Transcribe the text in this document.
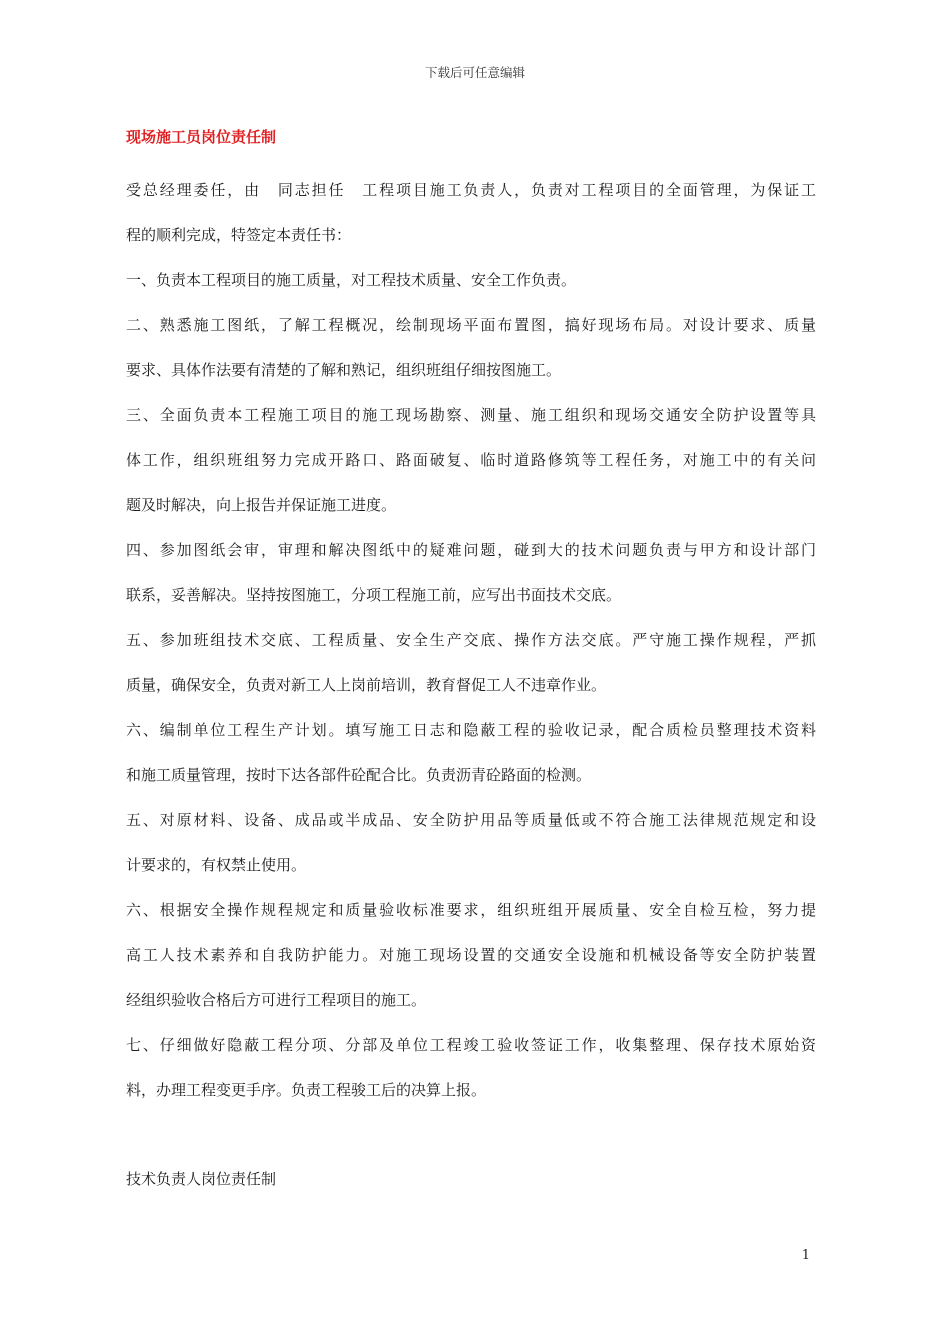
下载后可任意编辑
现场施工员岗位责任制

受总经理委任，由　同志担任　工程项目施工负责人，负责对工程项目的全面管理，为保证工
程的顺利完成，特签定本责任书：

一、负责本工程项目的施工质量，对工程技术质量、安全工作负责。

二、熟悉施工图纸，了解工程概况，绘制现场平面布置图，搞好现场布局。对设计要求、质量
要求、具体作法要有清楚的了解和熟记，组织班组仔细按图施工。

三、全面负责本工程施工项目的施工现场勘察、测量、施工组织和现场交通安全防护设置等具
体工作，组织班组努力完成开路口、路面破复、临时道路修筑等工程任务，对施工中的有关问
题及时解决，向上报告并保证施工进度。

四、参加图纸会审，审理和解决图纸中的疑难问题，碰到大的技术问题负责与甲方和设计部门
联系，妥善解决。坚持按图施工，分项工程施工前，应写出书面技术交底。

五、参加班组技术交底、工程质量、安全生产交底、操作方法交底。严守施工操作规程，严抓
质量，确保安全，负责对新工人上岗前培训，教育督促工人不违章作业。

六、编制单位工程生产计划。填写施工日志和隐蔽工程的验收记录，配合质检员整理技术资料
和施工质量管理，按时下达各部件砼配合比。负责沥青砼路面的检测。

五、对原材料、设备、成品或半成品、安全防护用品等质量低或不符合施工法律规范规定和设
计要求的，有权禁止使用。

六、根据安全操作规程规定和质量验收标准要求，组织班组开展质量、安全自检互检，努力提
高工人技术素养和自我防护能力。对施工现场设置的交通安全设施和机械设备等安全防护装置
经组织验收合格后方可进行工程项目的施工。

七、仔细做好隐蔽工程分项、分部及单位工程竣工验收签证工作，收集整理、保存技术原始资
料，办理工程变更手序。负责工程骏工后的决算上报。

技术负责人岗位责任制

1
